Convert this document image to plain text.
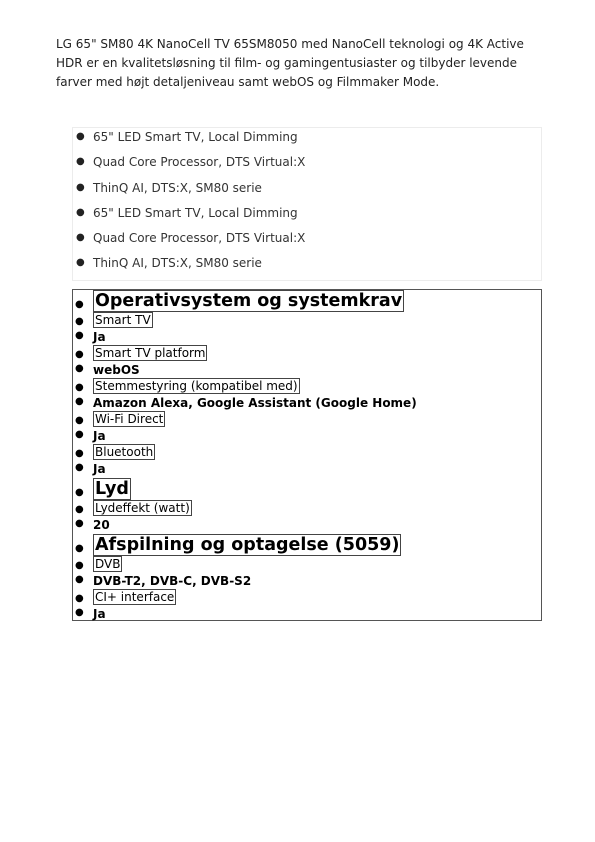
LG 65" SM80 4K NanoCell TV 65SM8050 med NanoCell teknologi og 4K Active HDR er en kvalitetsløsning til film- og gamingentusiaster og tilbyder levende farver med højt detaljeniveau samt webOS og Filmmaker Mode.

● 65" LED Smart TV, Local Dimming
● Quad Core Processor, DTS Virtual:X
● ThinQ AI, DTS:X, SM80 serie
● 65" LED Smart TV, Local Dimming
● Quad Core Processor, DTS Virtual:X
● ThinQ AI, DTS:X, SM80 serie
● Operativsystem og systemkrav
● Smart TV
● Ja
● Smart TV platform
● webOS
● Stemmestyring (kompatibel med)
● Amazon Alexa, Google Assistant (Google Home)
● Wi-Fi Direct
● Ja
● Bluetooth
● Ja
● Lyd
● Lydeffekt (watt)
● 20
● Afspilning og optagelse (5059)
● DVB
● DVB-T2, DVB-C, DVB-S2
● CI+ interface
● Ja
